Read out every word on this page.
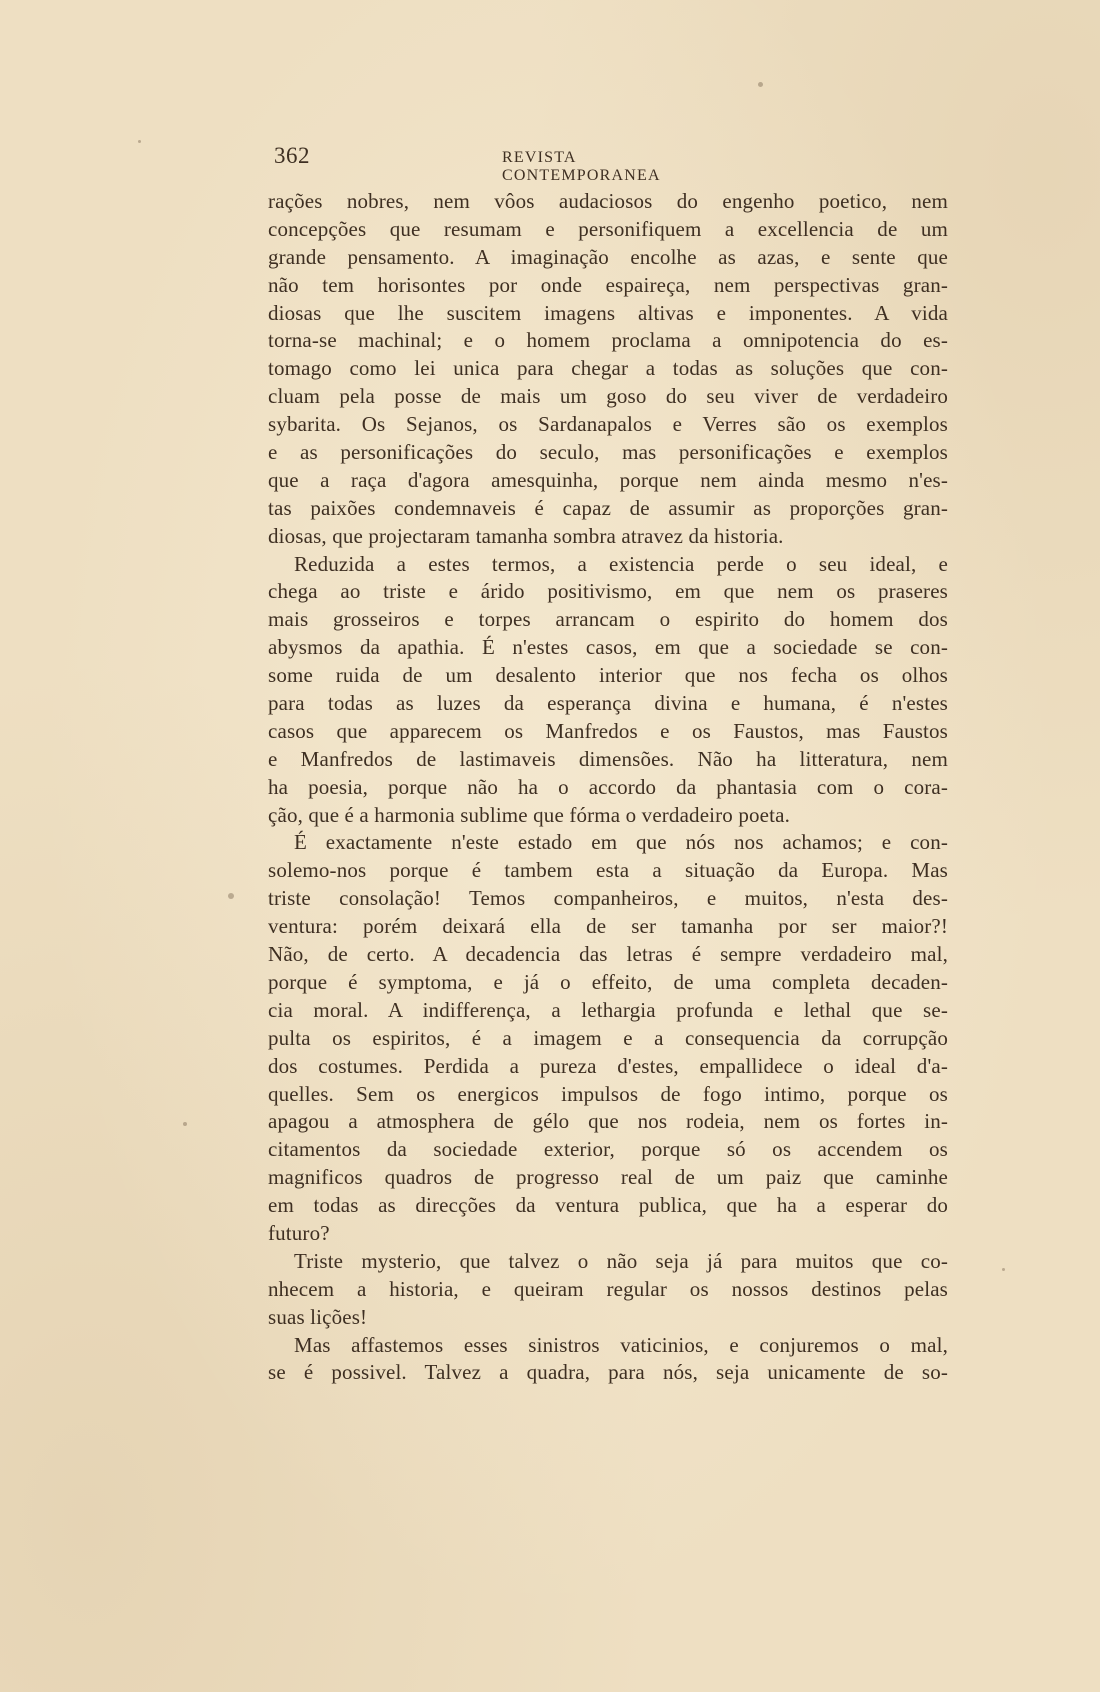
362	REVISTA CONTEMPORANEA
rações nobres, nem vôos audaciosos do engenho poetico, nem
concepções que resumam e personifiquem a excellencia de um
grande pensamento. A imaginação encolhe as azas, e sente que
não tem horisontes por onde espaireça, nem perspectivas gran-
diosas que lhe suscitem imagens altivas e imponentes. A vida
torna-se machinal; e o homem proclama a omnipotencia do es-
tomago como lei unica para chegar a todas as soluções que con-
cluam pela posse de mais um goso do seu viver de verdadeiro
sybarita. Os Sejanos, os Sardanapalos e Verres são os exemplos
e as personificações do seculo, mas personificações e exemplos
que a raça d'agora amesquinha, porque nem ainda mesmo n'es-
tas paixões condemnaveis é capaz de assumir as proporções gran-
diosas, que projectaram tamanha sombra atravez da historia.
Reduzida a estes termos, a existencia perde o seu ideal, e
chega ao triste e árido positivismo, em que nem os praseres
mais grosseiros e torpes arrancam o espirito do homem dos
abysmos da apathia. É n'estes casos, em que a sociedade se con-
some ruida de um desalento interior que nos fecha os olhos
para todas as luzes da esperança divina e humana, é n'estes
casos que apparecem os Manfredos e os Faustos, mas Faustos
e Manfredos de lastimaveis dimensões. Não ha litteratura, nem
ha poesia, porque não ha o accordo da phantasia com o cora-
ção, que é a harmonia sublime que fórma o verdadeiro poeta.
É exactamente n'este estado em que nós nos achamos; e con-
solemo-nos porque é tambem esta a situação da Europa. Mas
triste consolação! Temos companheiros, e muitos, n'esta des-
ventura: porém deixará ella de ser tamanha por ser maior?!
Não, de certo. A decadencia das letras é sempre verdadeiro mal,
porque é symptoma, e já o effeito, de uma completa decaden-
cia moral. A indifferença, a lethargia profunda e lethal que se-
pulta os espiritos, é a imagem e a consequencia da corrupção
dos costumes. Perdida a pureza d'estes, empallidece o ideal d'a-
quelles. Sem os energicos impulsos de fogo intimo, porque os
apagou a atmosphera de gélo que nos rodeia, nem os fortes in-
citamentos da sociedade exterior, porque só os accendem os
magnificos quadros de progresso real de um paiz que caminhe
em todas as direcções da ventura publica, que ha a esperar do
futuro?
Triste mysterio, que talvez o não seja já para muitos que co-
nhecem a historia, e queiram regular os nossos destinos pelas
suas lições!
Mas affastemos esses sinistros vaticinios, e conjuremos o mal,
se é possivel. Talvez a quadra, para nós, seja unicamente de so-
